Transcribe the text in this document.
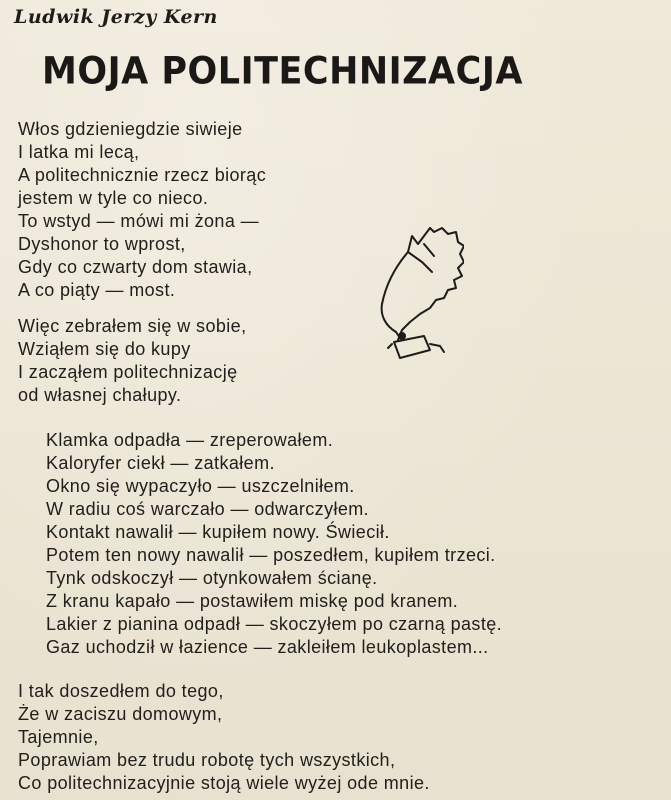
Ludwik Jerzy Kern
MOJA POLITECHNIZACJA
Włos gdzieniegdzie siwieje
I latka mi lecą,
A politechnicznie rzecz biorąc
jestem w tyle co nieco.
To wstyd — mówi mi żona —
Dyshonor to wprost,
Gdy co czwarty dom stawia,
A co piąty — most.
Więc zebrałem się w sobie,
Wziąłem się do kupy
I zacząłem politechnizację
od własnej chałupy.
Klamka odpadła — zreperowałem.
Kaloryfer ciekł — zatkałem.
Okno się wypaczyło — uszczelniłem.
W radiu coś warczało — odwarczyłem.
Kontakt nawalił — kupiłem nowy. Świecił.
Potem ten nowy nawalił — poszedłem, kupiłem trzeci.
Tynk odskoczył — otynkowałem ścianę.
Z kranu kapało — postawiłem miskę pod kranem.
Lakier z pianina odpadł — skoczyłem po czarną pastę.
Gaz uchodził w łazience — zakleiłem leukoplastem...
I tak doszedłem do tego,
Że w zaciszu domowym,
Tajemnie,
Poprawiam bez trudu robotę tych wszystkich,
Co politechnizacyjnie stoją wiele wyżej ode mnie.
